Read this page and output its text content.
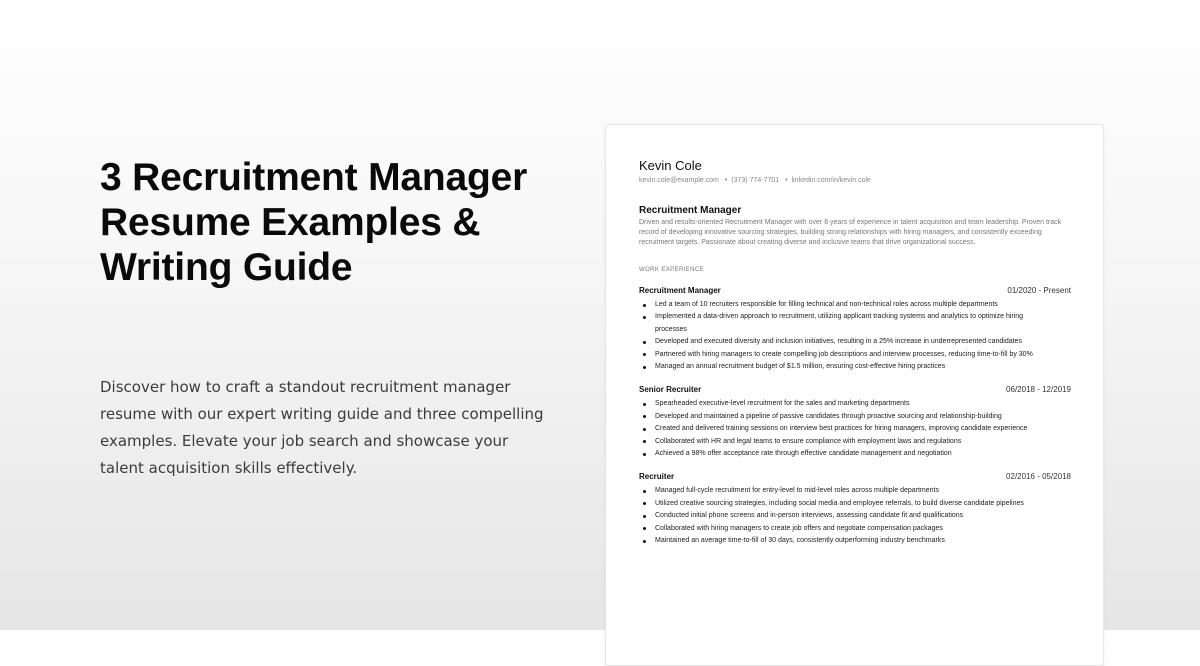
3 Recruitment Manager Resume Examples & Writing Guide

Discover how to craft a standout recruitment manager resume with our expert writing guide and three compelling examples. Elevate your job search and showcase your talent acquisition skills effectively.

Kevin Cole
kevin.cole@example.com • (373) 774-7701 • linkedin.com/in/kevin.cole
Recruitment Manager
Driven and results-oriented Recruitment Manager with over 8 years of experience in talent acquisition and team leadership. Proven track record of developing innovative sourcing strategies, building strong relationships with hiring managers, and consistently exceeding recruitment targets. Passionate about creating diverse and inclusive teams that drive organizational success.
WORK EXPERIENCE
Recruitment Manager	01/2020 - Present
Led a team of 10 recruiters responsible for filling technical and non-technical roles across multiple departments
Implemented a data-driven approach to recruitment, utilizing applicant tracking systems and analytics to optimize hiring processes
Developed and executed diversity and inclusion initiatives, resulting in a 25% increase in underrepresented candidates
Partnered with hiring managers to create compelling job descriptions and interview processes, reducing time-to-fill by 30%
Managed an annual recruitment budget of $1.5 million, ensuring cost-effective hiring practices
Senior Recruiter	06/2018 - 12/2019
Spearheaded executive-level recruitment for the sales and marketing departments
Developed and maintained a pipeline of passive candidates through proactive sourcing and relationship-building
Created and delivered training sessions on interview best practices for hiring managers, improving candidate experience
Collaborated with HR and legal teams to ensure compliance with employment laws and regulations
Achieved a 98% offer acceptance rate through effective candidate management and negotiation
Recruiter	02/2016 - 05/2018
Managed full-cycle recruitment for entry-level to mid-level roles across multiple departments
Utilized creative sourcing strategies, including social media and employee referrals, to build diverse candidate pipelines
Conducted initial phone screens and in-person interviews, assessing candidate fit and qualifications
Collaborated with hiring managers to create job offers and negotiate compensation packages
Maintained an average time-to-fill of 30 days, consistently outperforming industry benchmarks
